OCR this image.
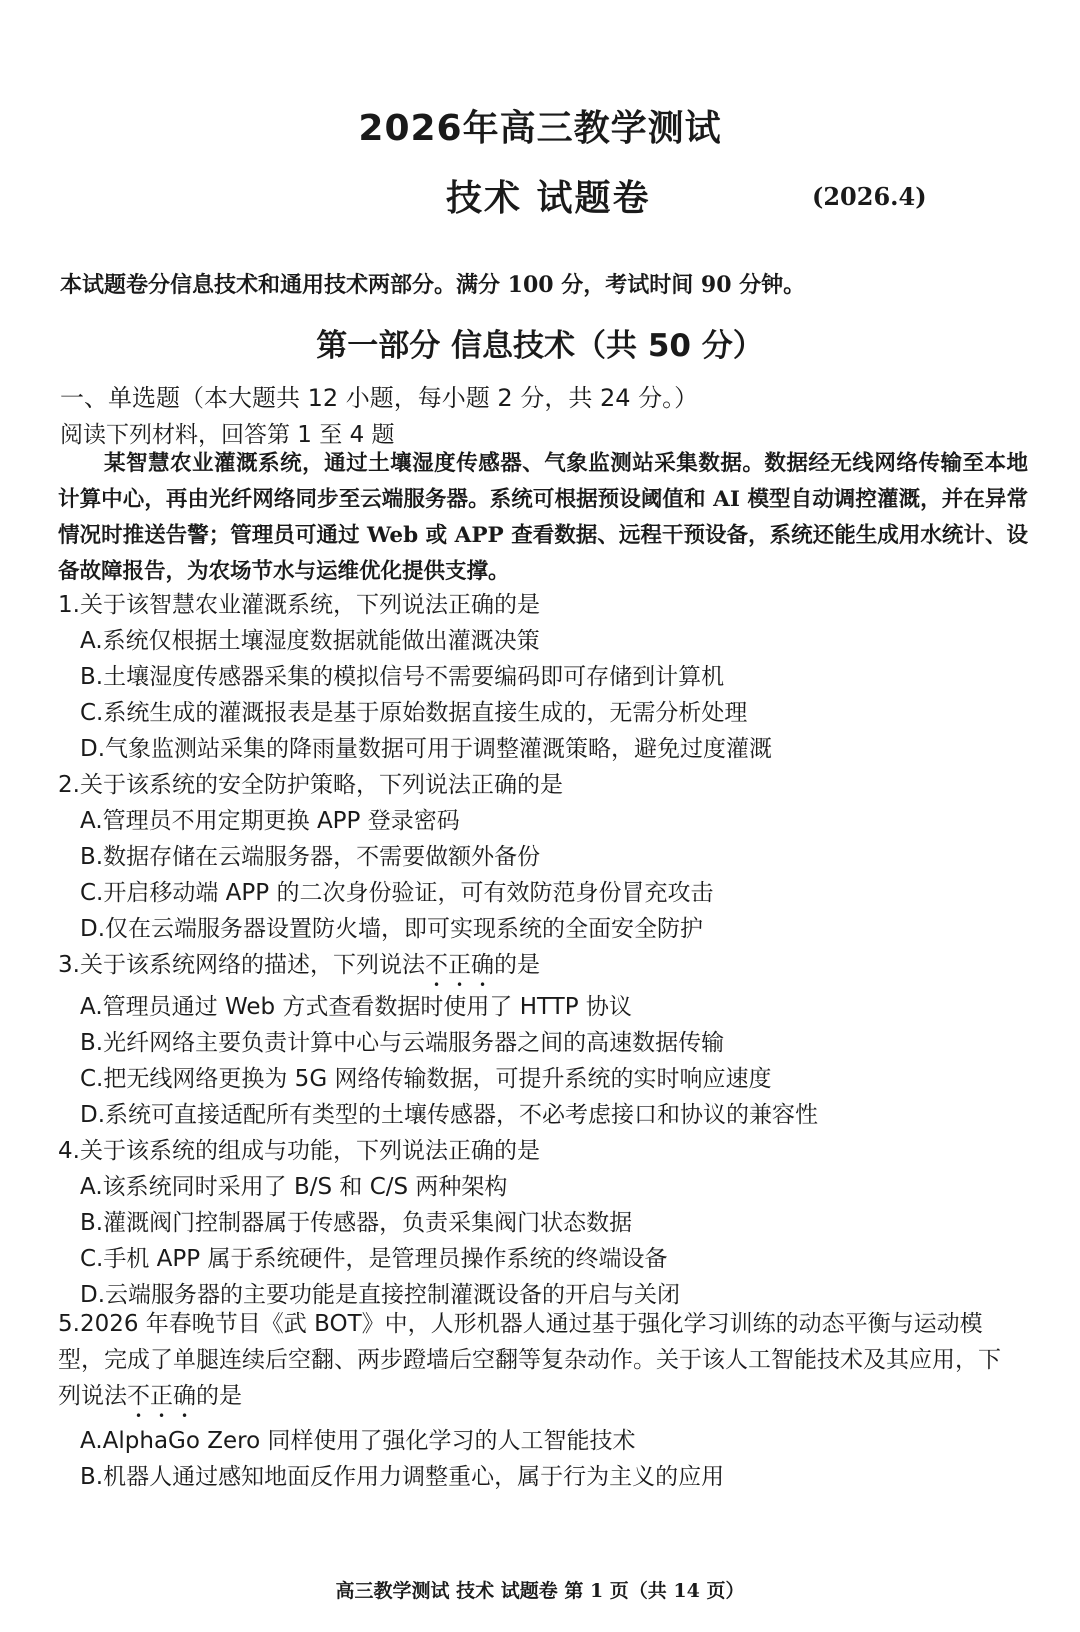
2026年高三教学测试
技术 试题卷	(2026.4)
本试题卷分信息技术和通用技术两部分。满分 100 分，考试时间 90 分钟。
第一部分 信息技术（共 50 分）
一、单选题（本大题共 12 小题，每小题 2 分，共 24 分。）
阅读下列材料，回答第 1 至 4 题
某智慧农业灌溉系统，通过土壤湿度传感器、气象监测站采集数据。数据经无线网络传输至本地计算中心，再由光纤网络同步至云端服务器。系统可根据预设阈值和 AI 模型自动调控灌溉，并在异常情况时推送告警；管理员可通过 Web 或 APP 查看数据、远程干预设备，系统还能生成用水统计、设备故障报告，为农场节水与运维优化提供支撑。
1.关于该智慧农业灌溉系统，下列说法正确的是
A.系统仅根据土壤湿度数据就能做出灌溉决策
B.土壤湿度传感器采集的模拟信号不需要编码即可存储到计算机
C.系统生成的灌溉报表是基于原始数据直接生成的，无需分析处理
D.气象监测站采集的降雨量数据可用于调整灌溉策略，避免过度灌溉
2.关于该系统的安全防护策略，下列说法正确的是
A.管理员不用定期更换 APP 登录密码
B.数据存储在云端服务器，不需要做额外备份
C.开启移动端 APP 的二次身份验证，可有效防范身份冒充攻击
D.仅在云端服务器设置防火墙，即可实现系统的全面安全防护
3.关于该系统网络的描述，下列说法不正确的是
A.管理员通过 Web 方式查看数据时使用了 HTTP 协议
B.光纤网络主要负责计算中心与云端服务器之间的高速数据传输
C.把无线网络更换为 5G 网络传输数据，可提升系统的实时响应速度
D.系统可直接适配所有类型的土壤传感器，不必考虑接口和协议的兼容性
4.关于该系统的组成与功能，下列说法正确的是
A.该系统同时采用了 B/S 和 C/S 两种架构
B.灌溉阀门控制器属于传感器，负责采集阀门状态数据
C.手机 APP 属于系统硬件，是管理员操作系统的终端设备
D.云端服务器的主要功能是直接控制灌溉设备的开启与关闭
5.2026 年春晚节目《武 BOT》中，人形机器人通过基于强化学习训练的动态平衡与运动模型，完成了单腿连续后空翻、两步蹬墙后空翻等复杂动作。关于该人工智能技术及其应用，下列说法不正确的是
A.AlphaGo Zero 同样使用了强化学习的人工智能技术
B.机器人通过感知地面反作用力调整重心，属于行为主义的应用
高三教学测试 技术 试题卷 第 1 页（共 14 页）
